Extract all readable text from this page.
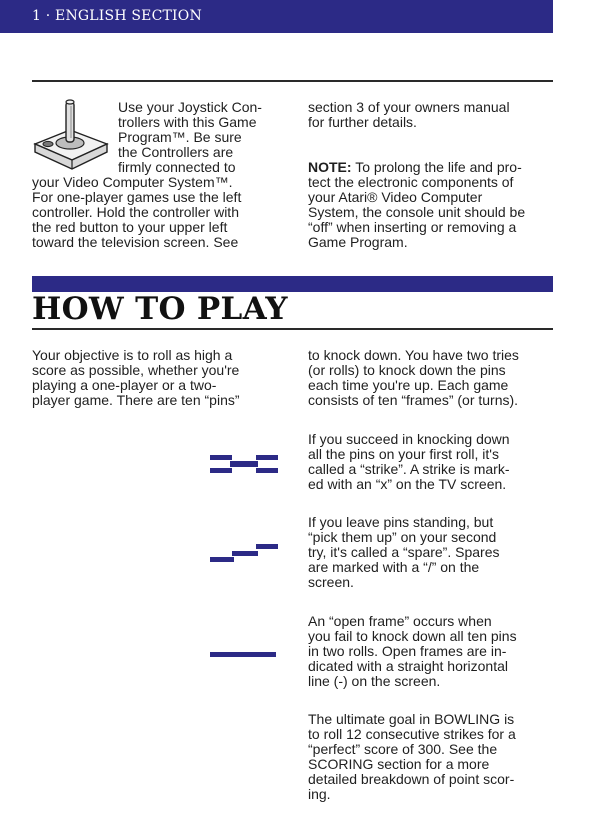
1 · ENGLISH SECTION

Use your Joystick Con-
trollers with this Game
Program™. Be sure
the Controllers are
firmly connected to

your Video Computer System™.
For one-player games use the left
controller. Hold the controller with
the red button to your upper left
toward the television screen. See

section 3 of your owners manual
for further details.

NOTE: To prolong the life and pro-
tect the electronic components of
your Atari® Video Computer
System, the console unit should be
“off” when inserting or removing a
Game Program.

HOW TO PLAY

Your objective is to roll as high a
score as possible, whether you're
playing a one-player or a two-
player game. There are ten “pins”

to knock down. You have two tries
(or rolls) to knock down the pins
each time you're up. Each game
consists of ten “frames” (or turns).

If you succeed in knocking down
all the pins on your first roll, it's
called a “strike”. A strike is mark-
ed with an “x” on the TV screen.

If you leave pins standing, but
“pick them up” on your second
try, it's called a “spare”. Spares
are marked with a “/” on the
screen.

An “open frame” occurs when
you fail to knock down all ten pins
in two rolls. Open frames are in-
dicated with a straight horizontal
line (-) on the screen.

The ultimate goal in BOWLING is
to roll 12 consecutive strikes for a
“perfect” score of 300. See the
SCORING section for a more
detailed breakdown of point scor-
ing.
